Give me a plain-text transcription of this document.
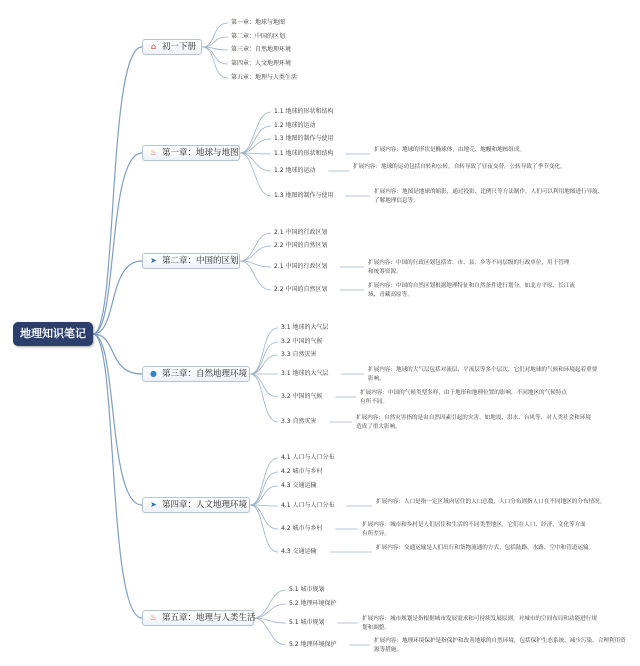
地理知识笔记
⌂ 初一下册
第一章：地球与地图
第二章：中国的区划
第三章：自然地理环境
第四章：人文地理环境
第五章：地理与人类生活
♨ 第一章：地球与地图
1.1 地球的形状和结构
1.2 地球的运动
1.3 地图的制作与使用
1.1 地球的形状和结构	扩展内容：地球的形状是椭球体，由地壳、地幔和地核组成。
1.2 地球的运动	扩展内容：地球的运动包括自转和公转，自转导致了昼夜交替，公转导致了季节变化。
1.3 地图的制作与使用	扩展内容：地图是地球的缩影，通过投影、比例尺等方法制作。人们可以利用地图进行导航、了解地理信息等。
➤ 第二章：中国的区划
2.1 中国的行政区划
2.2 中国的自然区划
2.1 中国的行政区划	扩展内容：中国的行政区划包括省、市、县、乡等不同层级的行政单位，用于管理和统筹资源。
2.2 中国的自然区划	扩展内容：中国的自然区划根据地理特征和自然条件进行划分，如北方平原、长江流域、青藏高原等。
● 第三章：自然地理环境
3.1 地球的大气层
3.2 中国的气候
3.3 自然灾害
3.1 地球的大气层	扩展内容：地球的大气层包括对流层、平流层等多个层次，它们对地球的气候和环境起着重要影响。
3.2 中国的气候	扩展内容：中国的气候类型多样，由于地形和地理位置的影响，不同地区的气候特点有所不同。
3.3 自然灾害	扩展内容：自然灾害指的是由自然因素引起的灾害，如地震、洪水、台风等，对人类社会和环境造成了重大影响。
➤ 第四章：人文地理环境
4.1 人口与人口分布
4.2 城市与乡村
4.3 交通运输
4.1 人口与人口分布	扩展内容：人口是指一定区域内居住的人口总数，人口分布则指人口在不同地区的分布情况。
4.2 城市与乡村	扩展内容：城市和乡村是人们居住和生活的不同类型地区，它们在人口、经济、文化等方面有所差异。
4.3 交通运输	扩展内容：交通运输是人们出行和货物流通的方式，包括陆路、水路、空中和管道运输。
♨ 第五章：地理与人类生活
5.1 城市规划
5.2 地理环境保护
5.1 城市规划	扩展内容：城市规划是指根据城市发展需求和可持续发展原则，对城市的空间布局和功能进行规划和调整。
5.2 地理环境保护	扩展内容：地理环境保护是指保护和改善地球的自然环境，包括保护生态系统、减少污染、合理利用资源等措施。
